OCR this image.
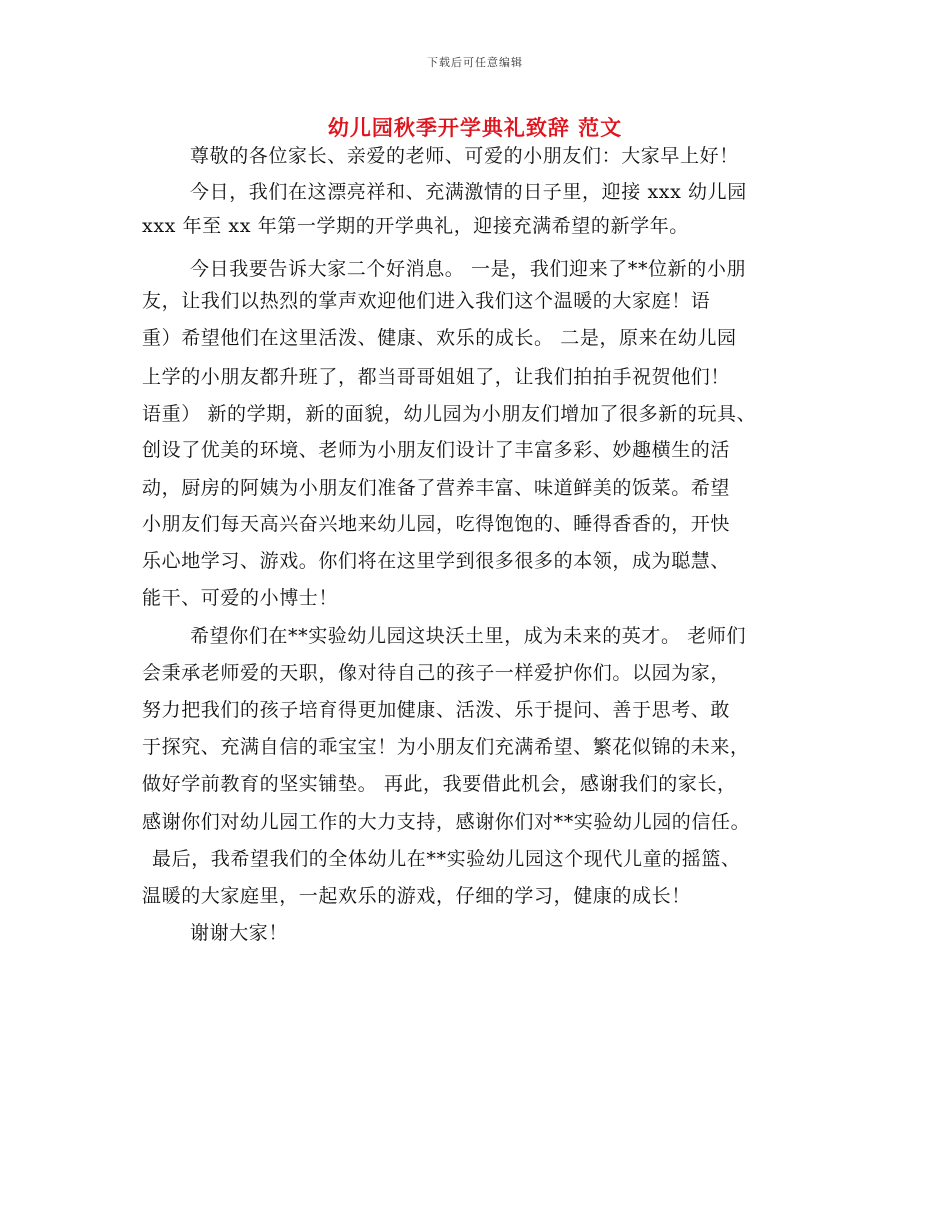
下载后可任意编辑
幼儿园秋季开学典礼致辞 范文
尊敬的各位家长、亲爱的老师、可爱的小朋友们：大家早上好！
今日，我们在这漂亮祥和、充满激情的日子里，迎接 xxx 幼儿园
xxx 年至 xx 年第一学期的开学典礼，迎接充满希望的新学年。
今日我要告诉大家二个好消息。 一是，我们迎来了**位新的小朋
友，让我们以热烈的掌声欢迎他们进入我们这个温暖的大家庭！语
重）希望他们在这里活泼、健康、欢乐的成长。 二是，原来在幼儿园
上学的小朋友都升班了，都当哥哥姐姐了，让我们拍拍手祝贺他们！
语重） 新的学期，新的面貌，幼儿园为小朋友们增加了很多新的玩具、
创设了优美的环境、老师为小朋友们设计了丰富多彩、妙趣横生的活
动，厨房的阿姨为小朋友们准备了营养丰富、味道鲜美的饭菜。希望
小朋友们每天高兴奋兴地来幼儿园，吃得饱饱的、睡得香香的，开快
乐心地学习、游戏。你们将在这里学到很多很多的本领，成为聪慧、
能干、可爱的小博士！
希望你们在**实验幼儿园这块沃土里，成为未来的英才。 老师们
会秉承老师爱的天职，像对待自己的孩子一样爱护你们。以园为家，
努力把我们的孩子培育得更加健康、活泼、乐于提问、善于思考、敢
于探究、充满自信的乖宝宝！为小朋友们充满希望、繁花似锦的未来，
做好学前教育的坚实铺垫。 再此，我要借此机会，感谢我们的家长，
感谢你们对幼儿园工作的大力支持，感谢你们对**实验幼儿园的信任。
最后，我希望我们的全体幼儿在**实验幼儿园这个现代儿童的摇篮、
温暖的大家庭里，一起欢乐的游戏，仔细的学习，健康的成长！
谢谢大家！
